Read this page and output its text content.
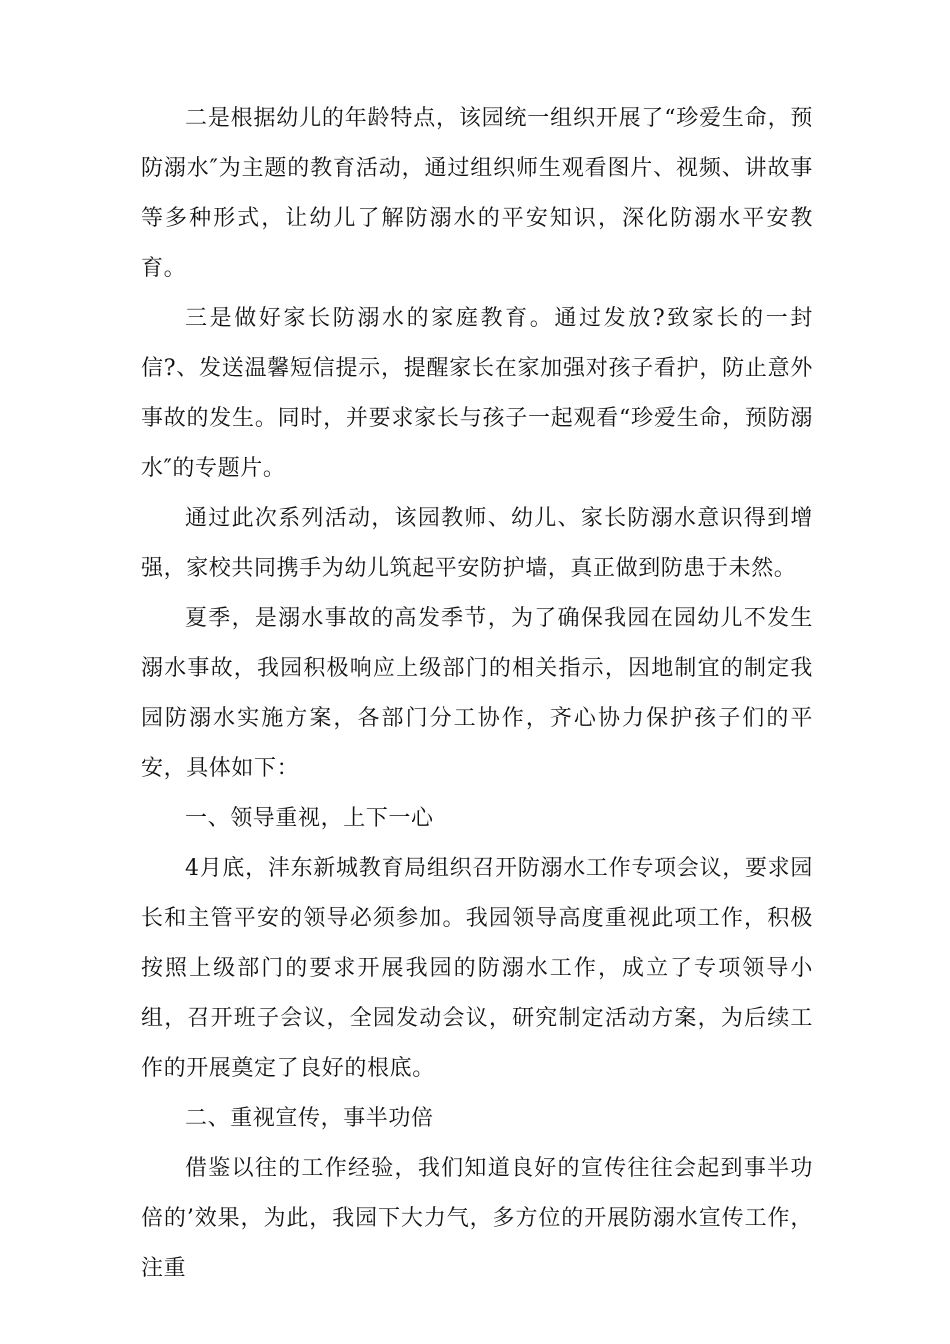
二是根据幼儿的年龄特点，该园统一组织开展了“珍爱生命，预防溺水″为主题的教育活动，通过组织师生观看图片、视频、讲故事等多种形式，让幼儿了解防溺水的平安知识，深化防溺水平安教育。

三是做好家长防溺水的家庭教育。通过发放?致家长的一封信?、发送温馨短信提示，提醒家长在家加强对孩子看护，防止意外事故的发生。同时，并要求家长与孩子一起观看“珍爱生命，预防溺水″的专题片。

通过此次系列活动，该园教师、幼儿、家长防溺水意识得到增强，家校共同携手为幼儿筑起平安防护墙，真正做到防患于未然。

夏季，是溺水事故的高发季节，为了确保我园在园幼儿不发生溺水事故，我园积极响应上级部门的相关指示，因地制宜的制定我园防溺水实施方案，各部门分工协作，齐心协力保护孩子们的平安，具体如下：

一、领导重视，上下一心

4月底，沣东新城教育局组织召开防溺水工作专项会议，要求园长和主管平安的领导必须参加。我园领导高度重视此项工作，积极按照上级部门的要求开展我园的防溺水工作，成立了专项领导小组，召开班子会议，全园发动会议，研究制定活动方案，为后续工作的开展奠定了良好的根底。

二、重视宣传，事半功倍

借鉴以往的工作经验，我们知道良好的宣传往往会起到事半功倍的’效果，为此，我园下大力气，多方位的开展防溺水宣传工作，注重
